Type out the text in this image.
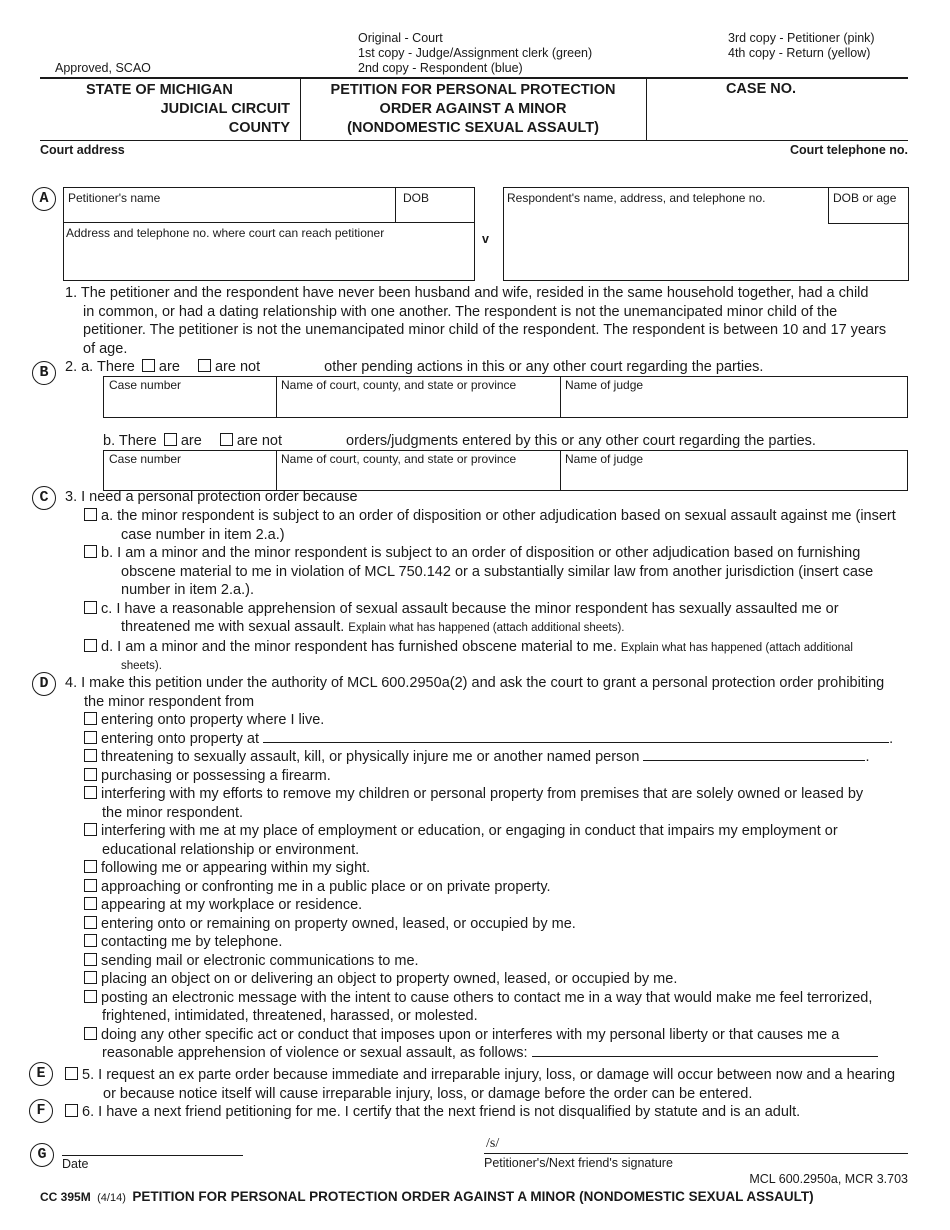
Original - Court
1st copy - Judge/Assignment clerk (green)
2nd copy - Respondent (blue)
3rd copy - Petitioner (pink)
4th copy - Return (yellow)
Approved, SCAO
STATE OF MICHIGAN
JUDICIAL CIRCUIT
COUNTY
PETITION FOR PERSONAL PROTECTION
ORDER AGAINST A MINOR
(NONDOMESTIC SEXUAL ASSAULT)
CASE NO.
Court address	Court telephone no.
A	Petitioner's name	DOB
Address and telephone no. where court can reach petitioner	v
Respondent's name, address, and telephone no.	DOB or age
1. The petitioner and the respondent have never been husband and wife, resided in the same household together, had a child
in common, or had a dating relationship with one another. The respondent is not the unemancipated minor child of the
petitioner. The petitioner is not the unemancipated minor child of the respondent. The respondent is between 10 and 17 years
of age.
B	2. a. There are are not	other pending actions in this or any other court regarding the parties.
Case number	Name of court, county, and state or province	Name of judge
b. There are are not	orders/judgments entered by this or any other court regarding the parties.
Case number	Name of court, county, and state or province	Name of judge
C	3. I need a personal protection order because
a. the minor respondent is subject to an order of disposition or other adjudication based on sexual assault against me (insert
case number in item 2.a.)
b. I am a minor and the minor respondent is subject to an order of disposition or other adjudication based on furnishing
obscene material to me in violation of MCL 750.142 or a substantially similar law from another jurisdiction (insert case
number in item 2.a.).
c. I have a reasonable apprehension of sexual assault because the minor respondent has sexually assaulted me or
threatened me with sexual assault. Explain what has happened (attach additional sheets).
d. I am a minor and the minor respondent has furnished obscene material to me. Explain what has happened (attach additional
sheets).
D	4. I make this petition under the authority of MCL 600.2950a(2) and ask the court to grant a personal protection order prohibiting
the minor respondent from
entering onto property where I live.
entering onto property at	.
threatening to sexually assault, kill, or physically injure me or another named person	.
purchasing or possessing a firearm.
interfering with my efforts to remove my children or personal property from premises that are solely owned or leased by
the minor respondent.
interfering with me at my place of employment or education, or engaging in conduct that impairs my employment or
educational relationship or environment.
following me or appearing within my sight.
approaching or confronting me in a public place or on private property.
appearing at my workplace or residence.
entering onto or remaining on property owned, leased, or occupied by me.
contacting me by telephone.
sending mail or electronic communications to me.
placing an object on or delivering an object to property owned, leased, or occupied by me.
posting an electronic message with the intent to cause others to contact me in a way that would make me feel terrorized,
frightened, intimidated, threatened, harassed, or molested.
doing any other specific act or conduct that imposes upon or interferes with my personal liberty or that causes me a
reasonable apprehension of violence or sexual assault, as follows:
E	5. I request an ex parte order because immediate and irreparable injury, loss, or damage will occur between now and a hearing
or because notice itself will cause irreparable injury, loss, or damage before the order can be entered.
F	6. I have a next friend petitioning for me. I certify that the next friend is not disqualified by statute and is an adult.
G
Date
/s/
Petitioner's/Next friend's signature
MCL 600.2950a, MCR 3.703
CC 395M (4/14) PETITION FOR PERSONAL PROTECTION ORDER AGAINST A MINOR (NONDOMESTIC SEXUAL ASSAULT)
